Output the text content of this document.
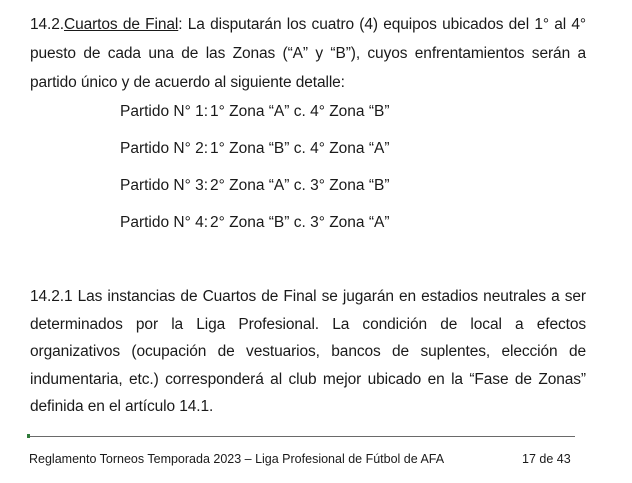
14.2.Cuartos de Final: La disputarán los cuatro (4) equipos ubicados del 1° al 4° puesto de cada una de las Zonas (“A” y “B”), cuyos enfrentamientos serán a partido único y de acuerdo al siguiente detalle:

Partido N° 1: 1° Zona “A” c. 4° Zona “B”
Partido N° 2: 1° Zona “B” c. 4° Zona “A”
Partido N° 3: 2° Zona “A” c. 3° Zona “B”
Partido N° 4: 2° Zona “B” c. 3° Zona “A”

14.2.1 Las instancias de Cuartos de Final se jugarán en estadios neutrales a ser determinados por la Liga Profesional. La condición de local a efectos organizativos (ocupación de vestuarios, bancos de suplentes, elección de indumentaria, etc.) corresponderá al club mejor ubicado en la “Fase de Zonas” definida en el artículo 14.1.

Reglamento Torneos Temporada 2023 – Liga Profesional de Fútbol de AFA	17 de 43
